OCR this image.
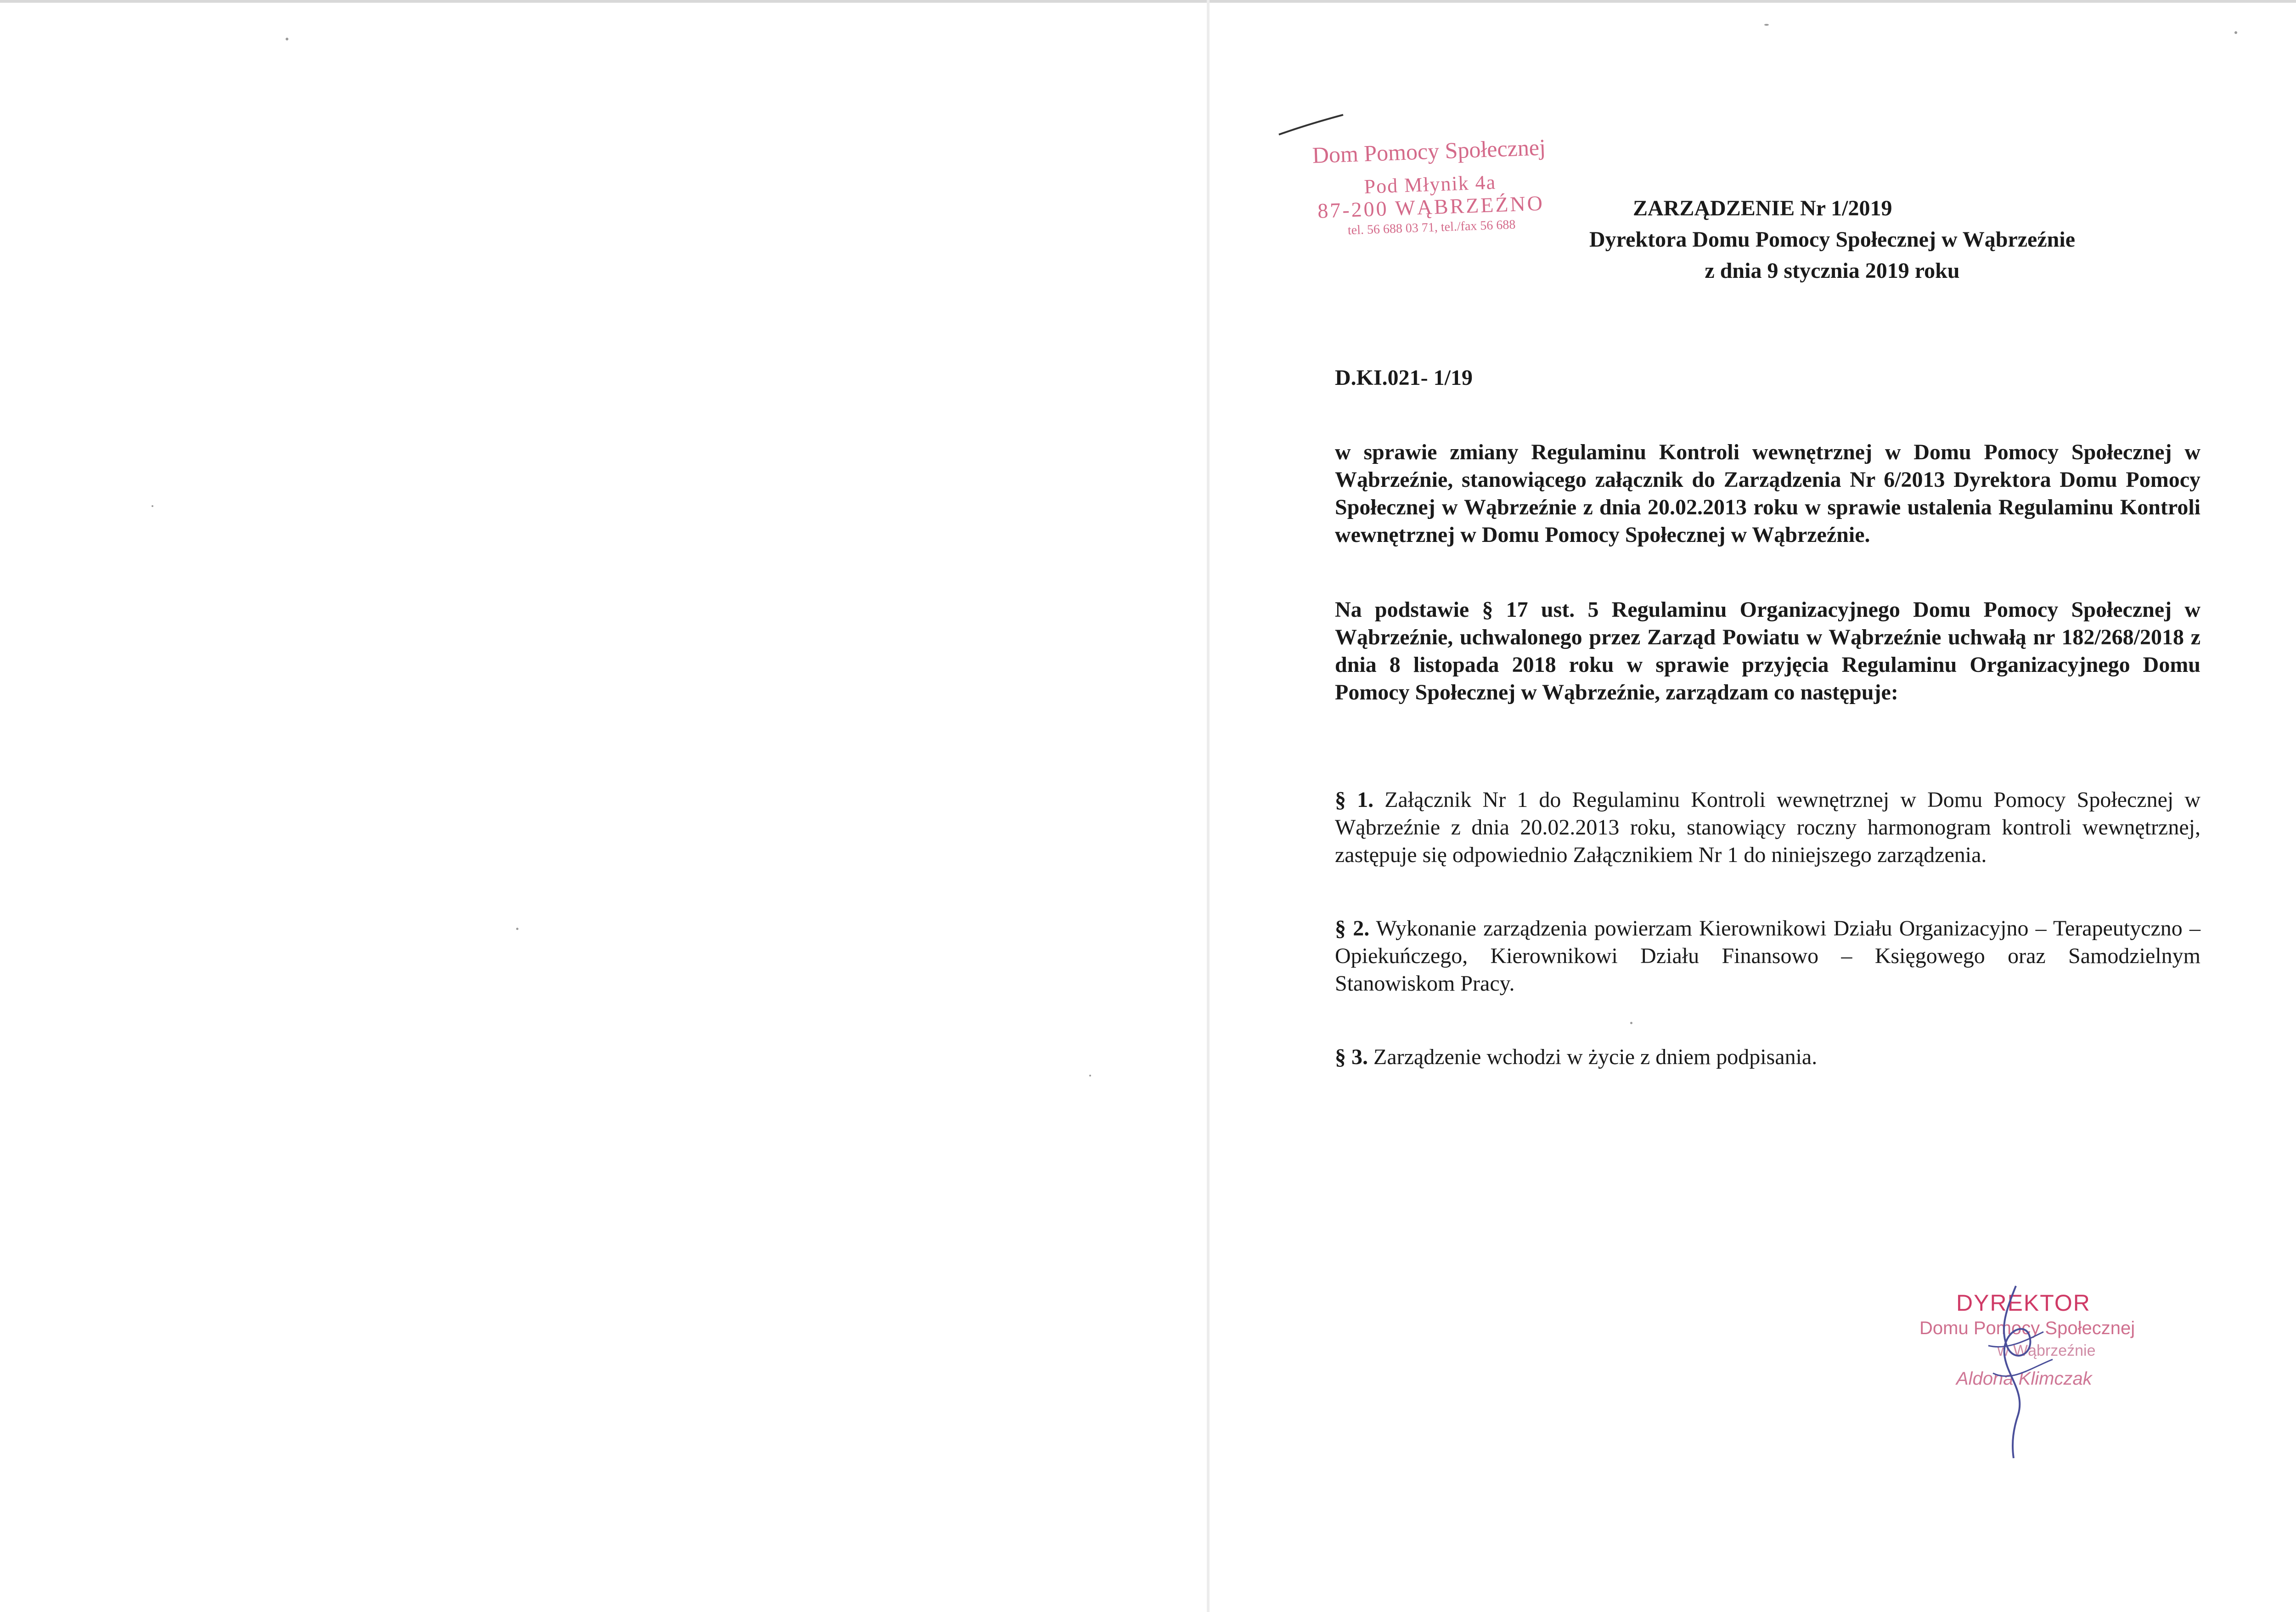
Dom Pomocy Społecznej
Pod Młynik 4a
87-200 WĄBRZEŹNO
tel. 56 688 03 71, tel./fax 56 688
ZARZĄDZENIE Nr 1/2019
Dyrektora Domu Pomocy Społecznej w Wąbrzeźnie
z dnia 9 stycznia 2019 roku
D.KI.021- 1/19

w sprawie zmiany Regulaminu Kontroli wewnętrznej w Domu Pomocy Społecznej w Wąbrzeźnie, stanowiącego załącznik do Zarządzenia Nr 6/2013 Dyrektora Domu Pomocy Społecznej w Wąbrzeźnie z dnia 20.02.2013 roku w sprawie ustalenia Regulaminu Kontroli wewnętrznej w Domu Pomocy Społecznej w Wąbrzeźnie.

Na podstawie § 17 ust. 5 Regulaminu Organizacyjnego Domu Pomocy Społecznej w Wąbrzeźnie, uchwalonego przez Zarząd Powiatu w Wąbrzeźnie uchwałą nr 182/268/2018 z dnia 8 listopada 2018 roku w sprawie przyjęcia Regulaminu Organizacyjnego Domu Pomocy Społecznej w Wąbrzeźnie, zarządzam co następuje:

§ 1. Załącznik Nr 1 do Regulaminu Kontroli wewnętrznej w Domu Pomocy Społecznej w Wąbrzeźnie z dnia 20.02.2013 roku, stanowiący roczny harmonogram kontroli wewnętrznej, zastępuje się odpowiednio Załącznikiem Nr 1 do niniejszego zarządzenia.

§ 2. Wykonanie zarządzenia powierzam Kierownikowi Działu Organizacyjno – Terapeutyczno – Opiekuńczego, Kierownikowi Działu Finansowo – Księgowego oraz Samodzielnym Stanowiskom Pracy.

§ 3. Zarządzenie wchodzi w życie z dniem podpisania.

DYREKTOR
Domu Pomocy Społecznej
w Wąbrzeźnie
Aldona Klimczak
